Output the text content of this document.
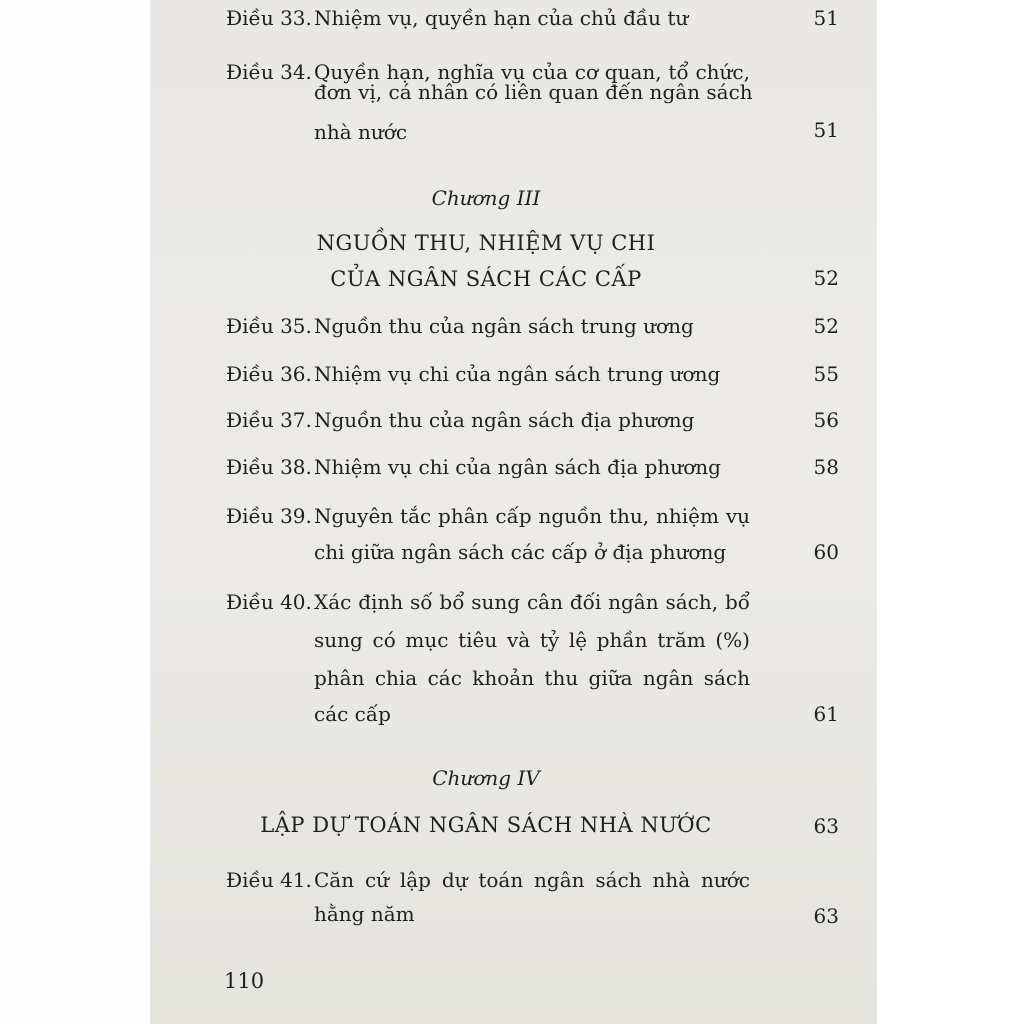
Điều 33. Nhiệm vụ, quyền hạn của chủ đầu tư	51
Điều 34. Quyền hạn, nghĩa vụ của cơ quan, tổ chức,
đơn vị, cá nhân có liên quan đến ngân sách
nhà nước	51
Chương III
NGUỒN THU, NHIỆM VỤ CHI
CỦA NGÂN SÁCH CÁC CẤP	52
Điều 35. Nguồn thu của ngân sách trung ương	52
Điều 36. Nhiệm vụ chi của ngân sách trung ương	55
Điều 37. Nguồn thu của ngân sách địa phương	56
Điều 38. Nhiệm vụ chi của ngân sách địa phương	58
Điều 39. Nguyên tắc phân cấp nguồn thu, nhiệm vụ
chi giữa ngân sách các cấp ở địa phương	60
Điều 40. Xác định số bổ sung cân đối ngân sách, bổ
sung có mục tiêu và tỷ lệ phần trăm (%)
phân chia các khoản thu giữa ngân sách
các cấp	61
Chương IV
LẬP DỰ TOÁN NGÂN SÁCH NHÀ NƯỚC	63
Điều 41. Căn cứ lập dự toán ngân sách nhà nước
hằng năm	63
110
